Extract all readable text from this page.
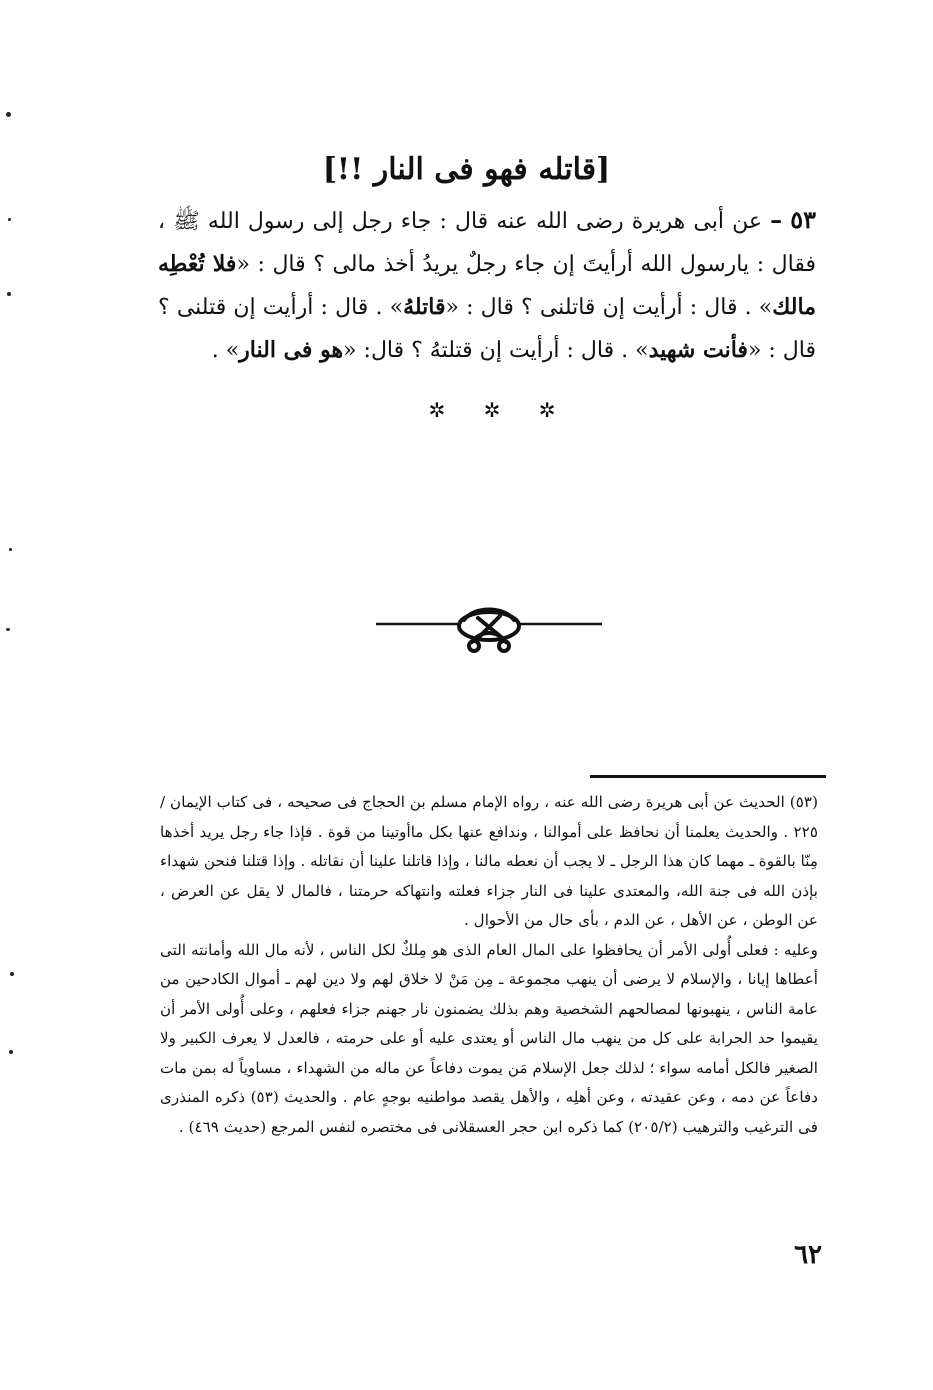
[قاتله فهو فى النار !!]
٥٣ – عن أبى هريرة رضى الله عنه قال : جاء رجل إلى رسول الله ﷺ ، فقال : يارسول الله أرأيتَ إن جاء رجلٌ يريدُ أخذ مالى ؟ قال : «فلا تُعْطِه مالك» . قال : أرأيت إن قاتلنى ؟ قال : «قاتلهُ» . قال : أرأيت إن قتلنى ؟ قال : «فأنت شهيد» . قال : أرأيت إن قتلتهُ ؟ قال: «هو فى النار» .
✲ ✲ ✲

(٥٣) الحديث عن أبى هريرة رضى الله عنه ، رواه الإمام مسلم بن الحجاج فى صحيحه ، فى كتاب الإيمان /٢٢٥ . والحديث يعلمنا أن نحافظ على أموالنا ، وندافع عنها بكل ماأوتينا من قوة . فإذا جاء رجل يريد أخذها مِنّا بالقوة ـ مهما كان هذا الرجل ـ لا يجب أن نعطه مالنا ، وإذا قاتلنا علينا أن نقاتله . وإذا قتلنا فنحن شهداء بإذن الله فى جنة الله، والمعتدى علينا فى النار جزاء فعلته وانتهاكه حرمتنا ، فالمال لا يقل عن العرض ، عن الوطن ، عن الأهل ، عن الدم ، بأى حال من الأحوال .

وعليه : فعلى أُولى الأمر أن يحافظوا على المال العام الذى هو مِلكٌ لكل الناس ، لأنه مال الله وأمانته التى أعطاها إيانا ، والإسلام لا يرضى أن ينهب مجموعة ـ مِن مَنْ لا خلاق لهم ولا دين لهم ـ أموال الكادحين من عامة الناس ، ينهبونها لمصالحهم الشخصية وهم بذلك يضمنون نار جهنم جزاء فعلهم ، وعلى أُولى الأمر أن يقيموا حد الحرابة على كل من ينهب مال الناس أو يعتدى عليه أو على حرمته ، فالعدل لا يعرف الكبير ولا الصغير فالكل أمامه سواء ؛ لذلك جعل الإسلام مَن يموت دفاعاً عن ماله من الشهداء ، مساوياً له بمن مات دفاعاً عن دمه ، وعن عقيدته ، وعن أهلِه ، والأهل يقصد مواطنيه بوجهٍ عام . والحديث (٥٣) ذكره المنذرى فى الترغيب والترهيب (٢٠٥/٢) كما ذكره ابن حجر العسقلانى فى مختصره لنفس المرجع (حديث ٤٦٩) .

٦٢
